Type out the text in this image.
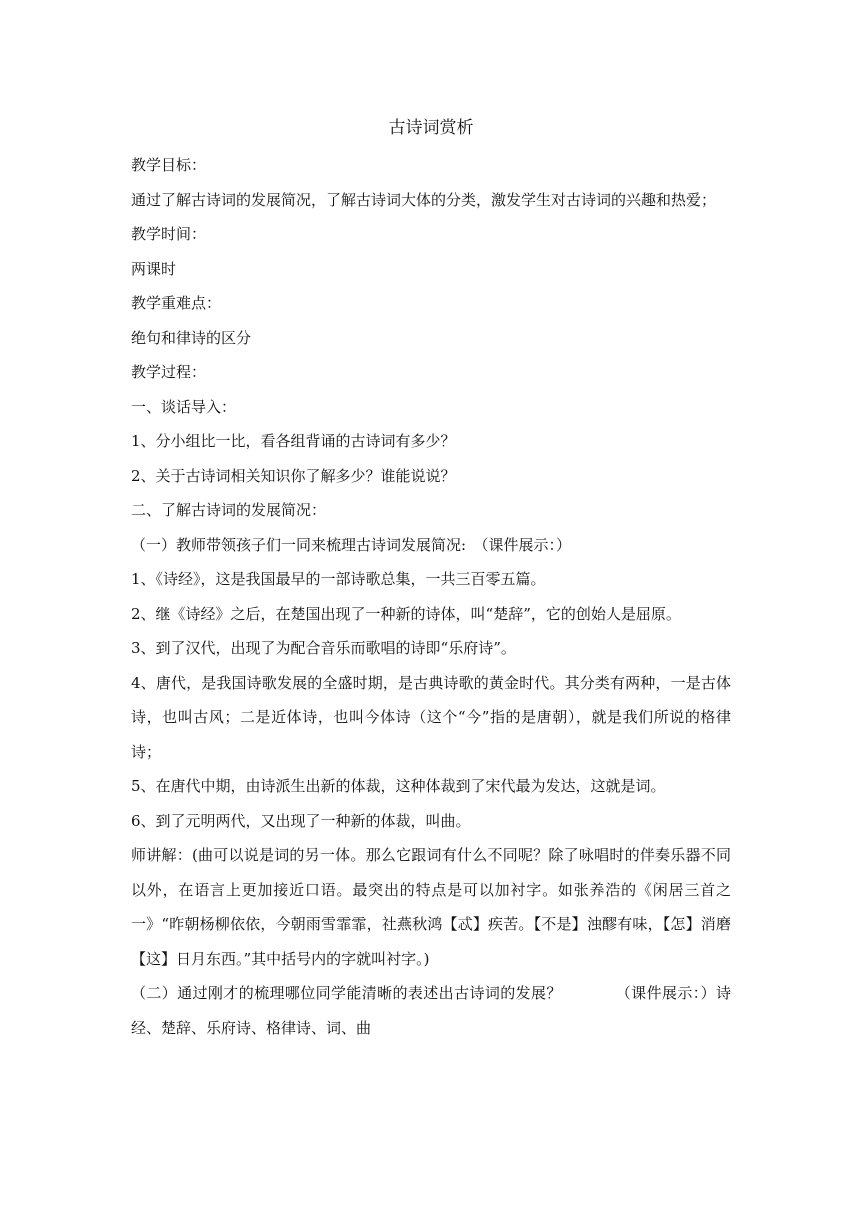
古诗词赏析

教学目标：

通过了解古诗词的发展简况，了解古诗词大体的分类，激发学生对古诗词的兴趣和热爱；

教学时间：

两课时

教学重难点：

绝句和律诗的区分

教学过程：

一、谈话导入：

1、分小组比一比，看各组背诵的古诗词有多少？

2、关于古诗词相关知识你了解多少？谁能说说？

二、了解古诗词的发展简况：

（一）教师带领孩子们一同来梳理古诗词发展简况:　（课件展示：）

1、《诗经》，这是我国最早的一部诗歌总集，一共三百零五篇。

2、继《诗经》之后，在楚国出现了一种新的诗体，叫“楚辞”，它的创始人是屈原。

3、到了汉代，出现了为配合音乐而歌唱的诗即“乐府诗”。

4、唐代，是我国诗歌发展的全盛时期，是古典诗歌的黄金时代。其分类有两种，一是古体诗，也叫古风；二是近体诗，也叫今体诗（这个“今”指的是唐朝），就是我们所说的格律诗；

5、在唐代中期，由诗派生出新的体裁，这种体裁到了宋代最为发达，这就是词。

6、到了元明两代，又出现了一种新的体裁，叫曲。

师讲解：(曲可以说是词的另一体。那么它跟词有什么不同呢？除了咏唱时的伴奏乐器不同以外，在语言上更加接近口语。最突出的特点是可以加衬字。如张养浩的《闲居三首之一》“昨朝杨柳依依，今朝雨雪霏霏，社燕秋鸿【忒】疾苦。【不是】浊醪有味，【怎】消磨【这】日月东西。”其中括号内的字就叫衬字。)

（二）通过刚才的梳理哪位同学能清晰的表述出古诗词的发展？　　　　（课件展示：）诗经、楚辞、乐府诗、格律诗、词、曲
